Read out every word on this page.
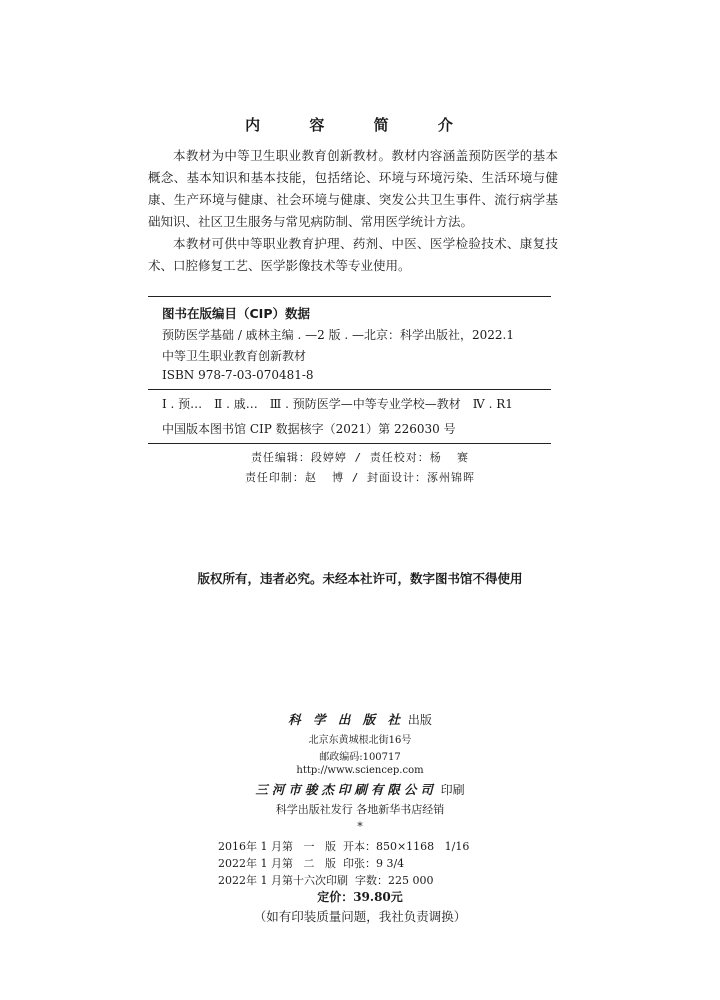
内 容 简 介

本教材为中等卫生职业教育创新教材。教材内容涵盖预防医学的基本概念、基本知识和基本技能，包括绪论、环境与环境污染、生活环境与健康、生产环境与健康、社会环境与健康、突发公共卫生事件、流行病学基础知识、社区卫生服务与常见病防制、常用医学统计方法。

本教材可供中等职业教育护理、药剂、中医、医学检验技术、康复技术、口腔修复工艺、医学影像技术等专业使用。

图书在版编目（CIP）数据
预防医学基础 / 戚林主编 . —2 版 . —北京：科学出版社，2022.1
中等卫生职业教育创新教材
ISBN 978-7-03-070481-8
Ⅰ . 预…　Ⅱ . 戚…　Ⅲ . 预防医学—中等专业学校—教材　Ⅳ . R1
中国版本图书馆 CIP 数据核字（2021）第 226030 号
责任编辑：段婷婷 / 责任校对：杨  赛
责任印制：赵  博 / 封面设计：涿州锦晖
版权所有，违者必究。未经本社许可，数字图书馆不得使用
科 学 出 版 社 出版
北京东黄城根北街16号
邮政编码:100717
http://www.sciencep.com
三河市骏杰印刷有限公司 印刷
科学出版社发行 各地新华书店经销
*
2016年 1 月第   一   版  开本：850×1168   1/16
2022年 1 月第   二   版  印张：9 3/4
2022年 1 月第十六次印刷  字数：225 000
定价：39.80元
（如有印装质量问题，我社负责调换）
